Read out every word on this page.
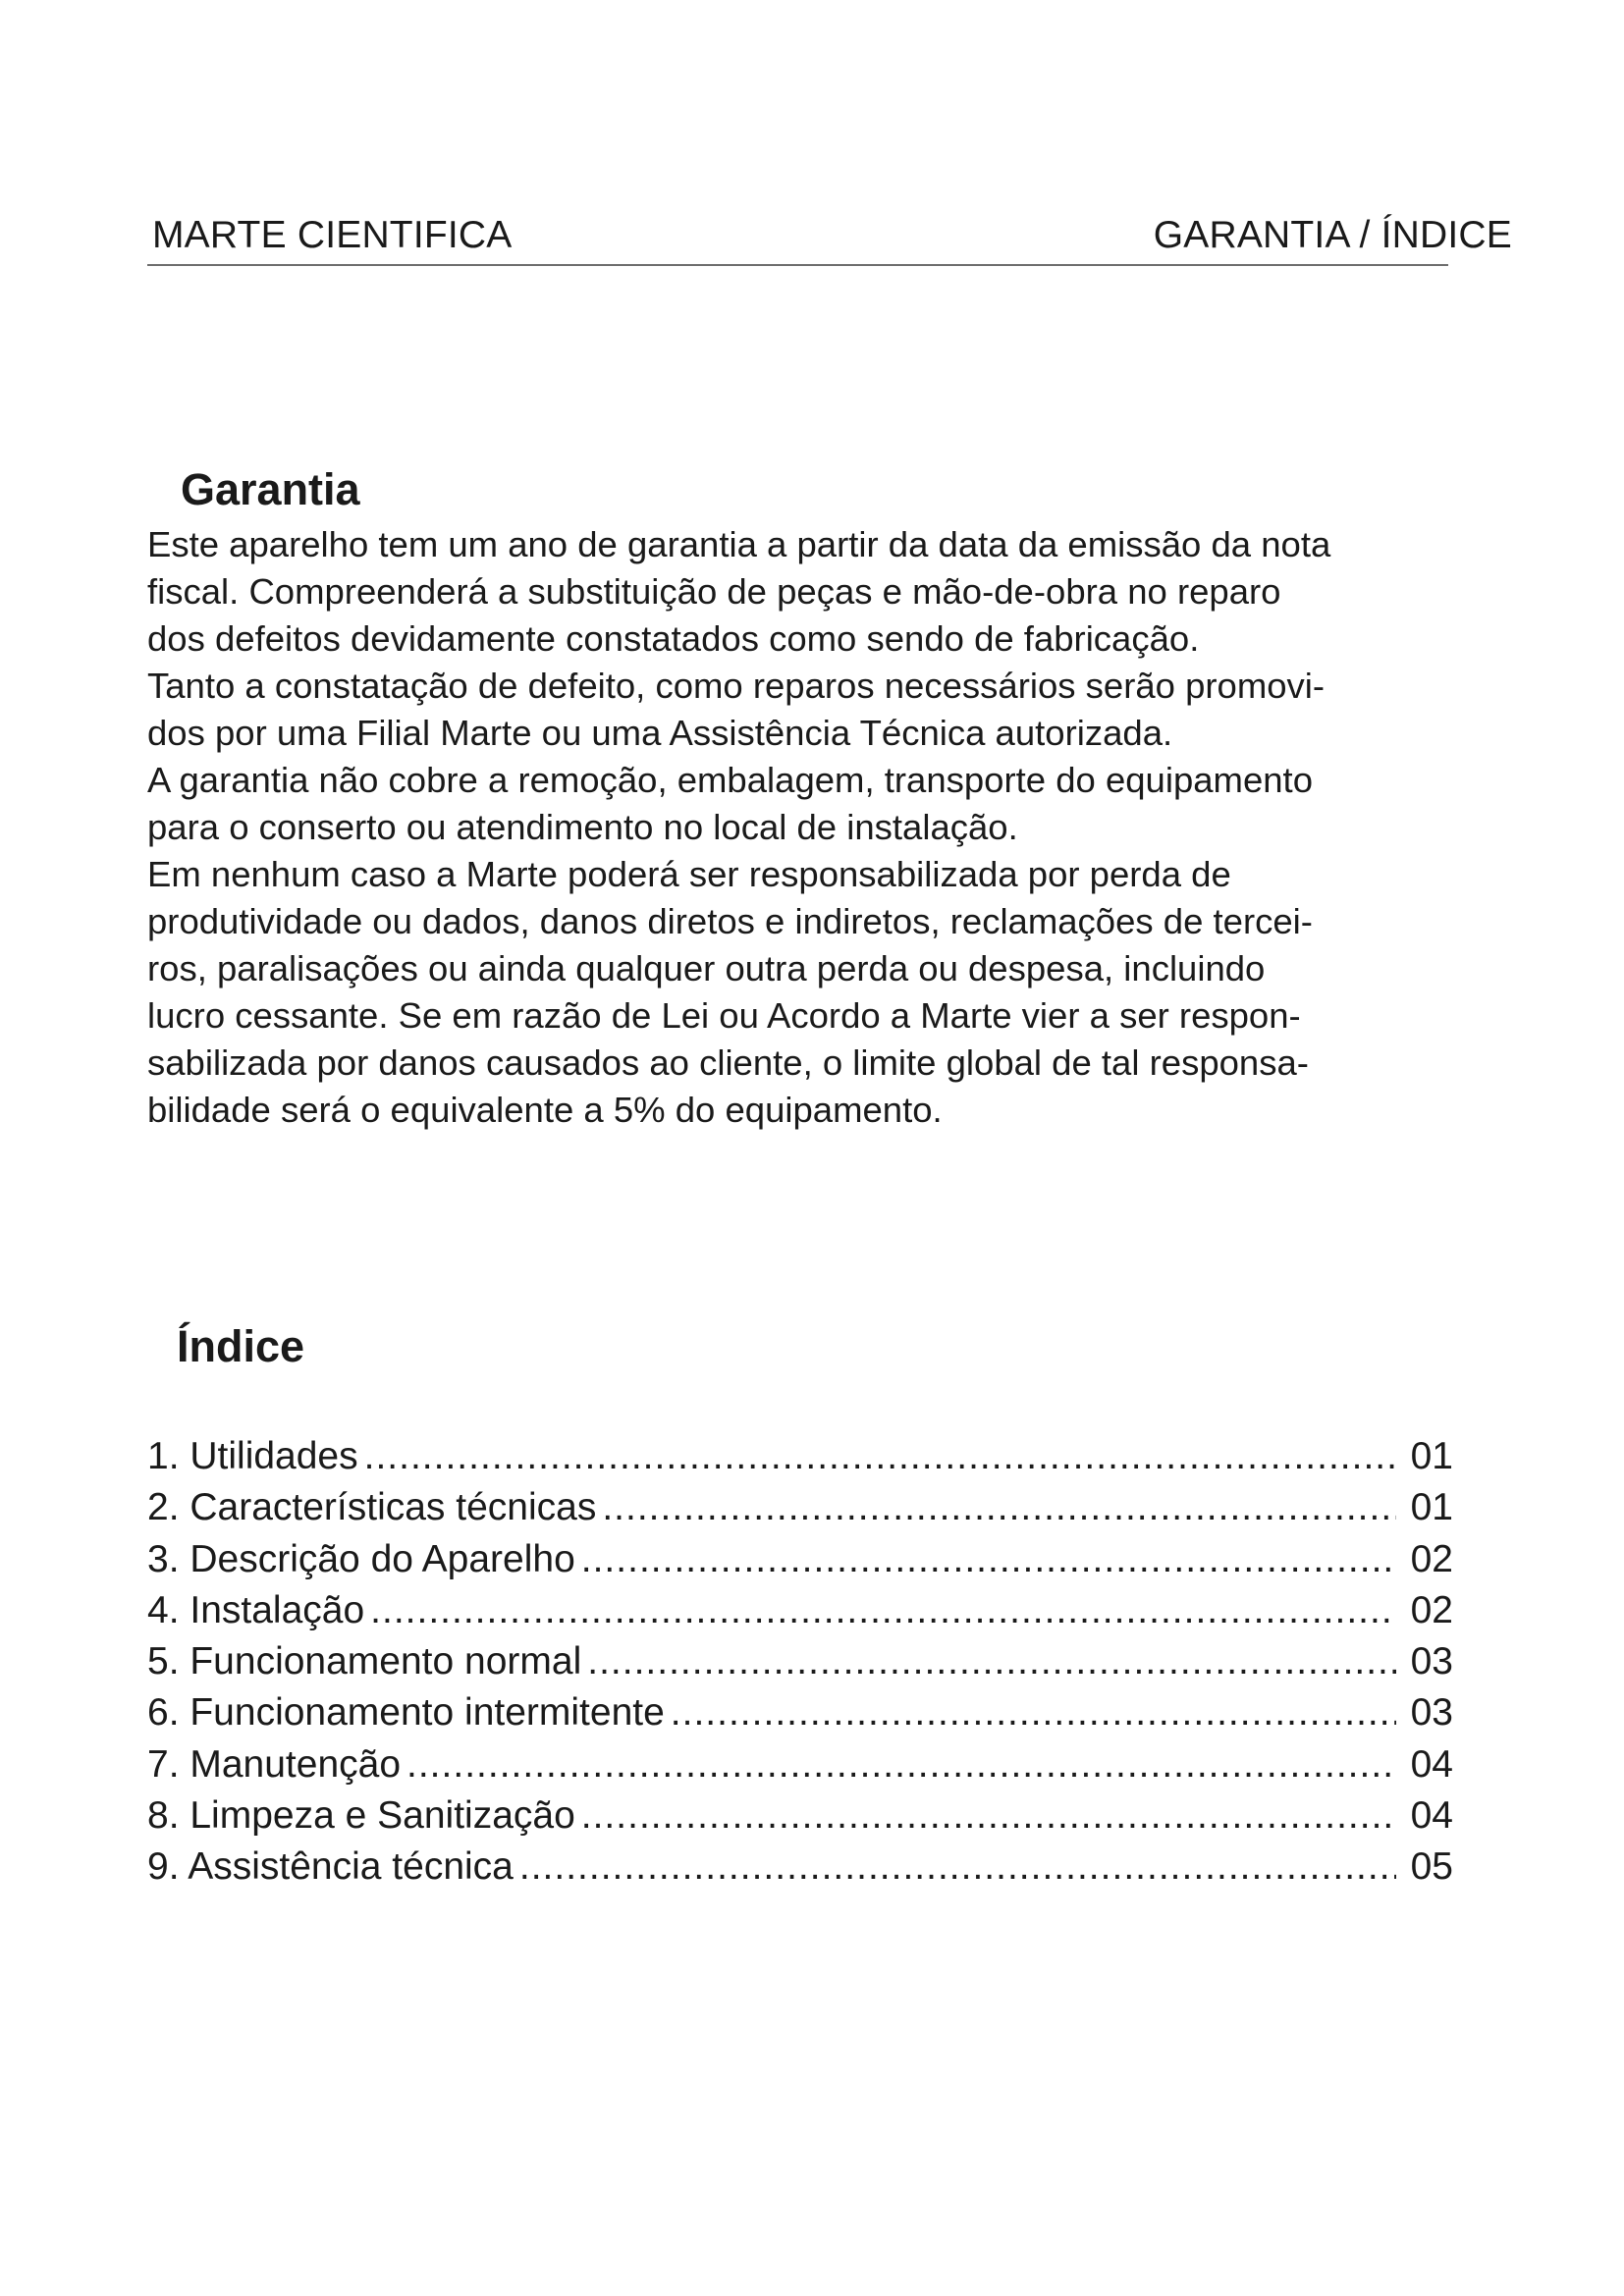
MARTE CIENTIFICA	GARANTIA / ÍNDICE
Garantia
Este aparelho tem um ano de garantia a partir da data da emissão da nota
fiscal. Compreenderá a substituição de peças e mão-de-obra no reparo
dos defeitos devidamente constatados como sendo de fabricação.
Tanto a constatação de defeito, como reparos necessários serão promovi-
dos por uma Filial Marte ou uma Assistência Técnica autorizada.
A garantia não cobre a remoção, embalagem, transporte do equipamento
para o conserto ou atendimento no local de instalação.
Em nenhum caso a Marte poderá ser responsabilizada por perda de
produtividade ou dados, danos diretos e indiretos, reclamações de tercei-
ros, paralisações ou ainda qualquer outra perda ou despesa, incluindo
lucro cessante. Se em razão de Lei ou Acordo a Marte vier a ser respon-
sabilizada por danos causados ao cliente, o limite global de tal responsa-
bilidade será o equivalente a 5% do equipamento.
Índice
1. Utilidades .....	01
2. Características técnicas .....	01
3. Descrição do Aparelho .....	02
4. Instalação .....	02
5. Funcionamento normal .....	03
6. Funcionamento intermitente .....	03
7. Manutenção .....	04
8. Limpeza e Sanitização .....	04
9. Assistência técnica .....	05
